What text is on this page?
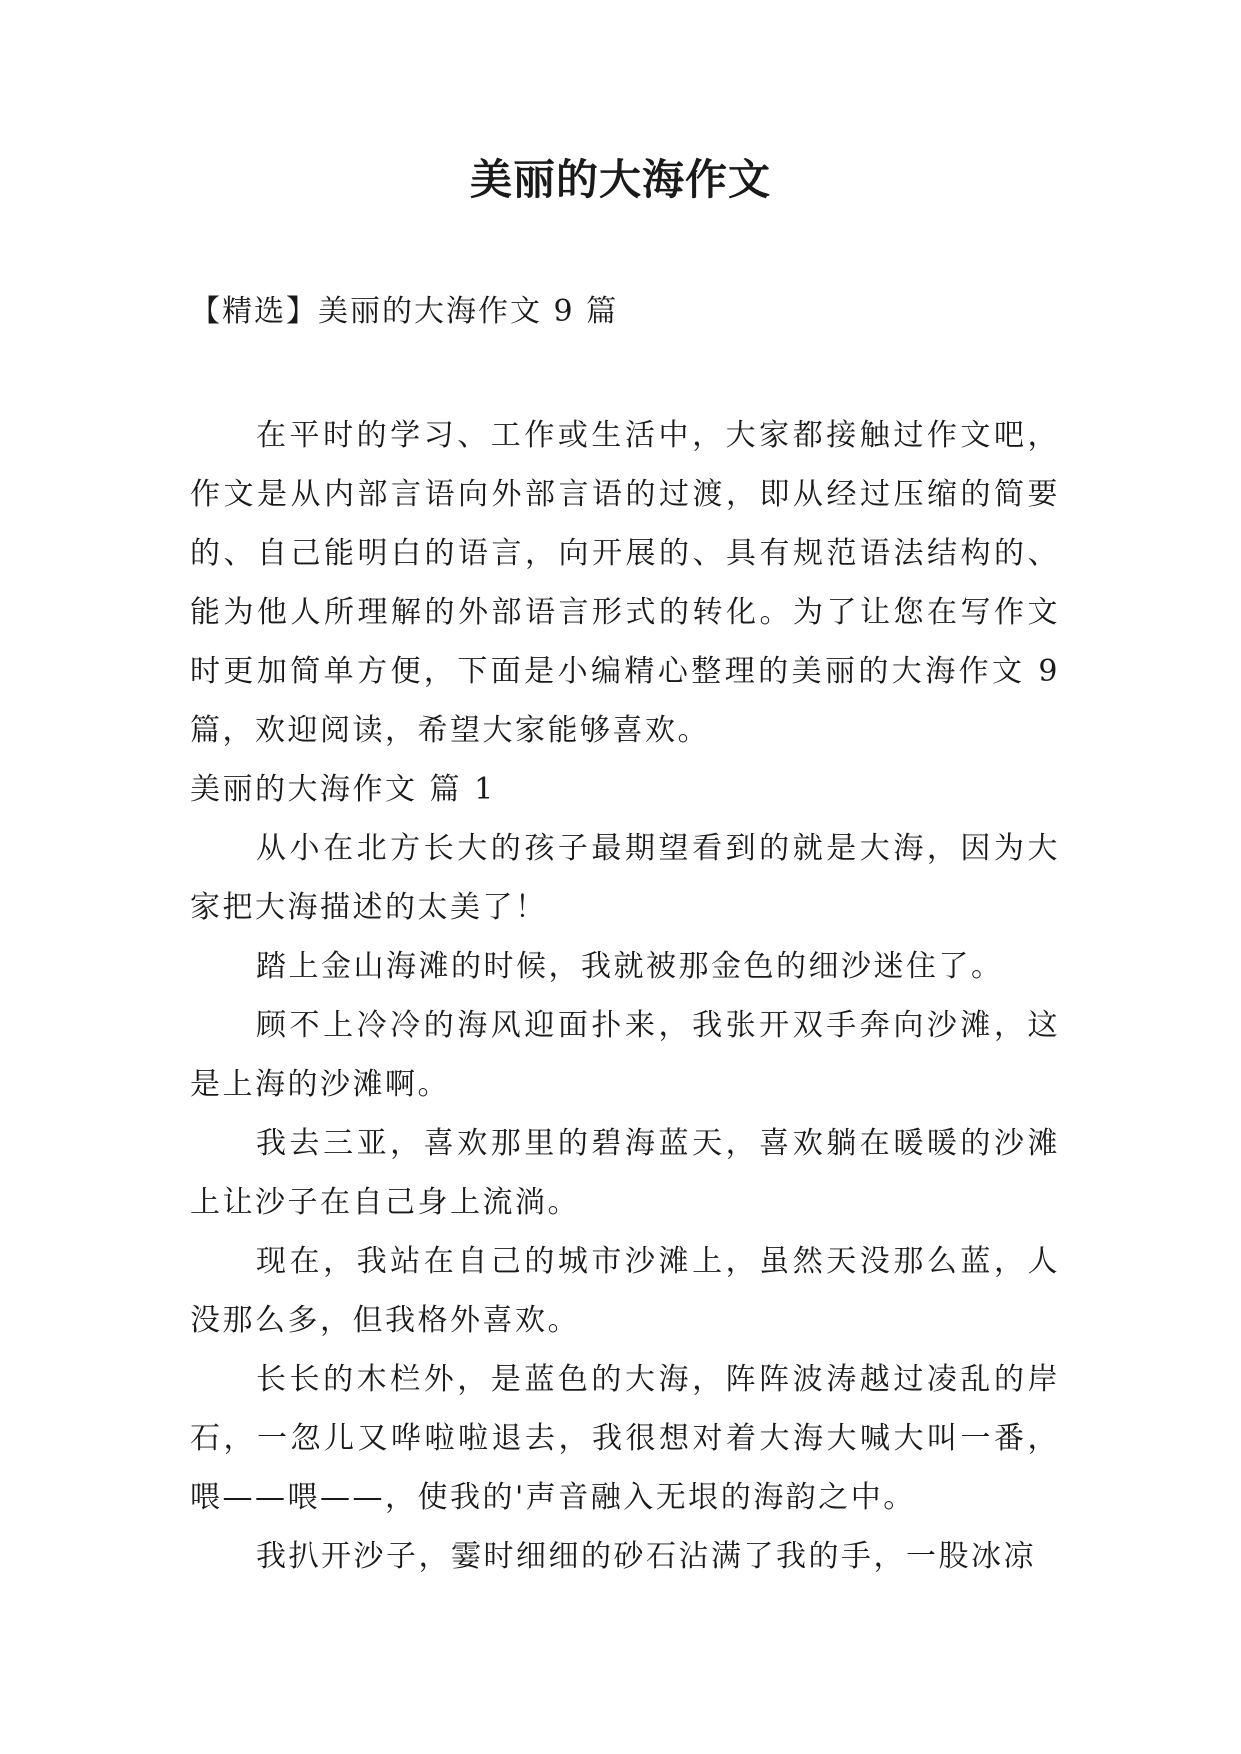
美丽的大海作文
【精选】美丽的大海作文 9 篇

在平时的学习、工作或生活中，大家都接触过作文吧，作文是从内部言语向外部言语的过渡，即从经过压缩的简要的、自己能明白的语言，向开展的、具有规范语法结构的、能为他人所理解的外部语言形式的转化。为了让您在写作文时更加简单方便，下面是小编精心整理的美丽的大海作文 9 篇，欢迎阅读，希望大家能够喜欢。

美丽的大海作文 篇 1

从小在北方长大的孩子最期望看到的就是大海，因为大家把大海描述的太美了！

踏上金山海滩的时候，我就被那金色的细沙迷住了。

顾不上冷冷的海风迎面扑来，我张开双手奔向沙滩，这是上海的沙滩啊。

我去三亚，喜欢那里的碧海蓝天，喜欢躺在暖暖的沙滩上让沙子在自己身上流淌。

现在，我站在自己的城市沙滩上，虽然天没那么蓝，人没那么多，但我格外喜欢。

长长的木栏外，是蓝色的大海，阵阵波涛越过凌乱的岸石，一忽儿又哗啦啦退去，我很想对着大海大喊大叫一番，喂——喂——，使我的'声音融入无垠的海韵之中。

我扒开沙子，霎时细细的砂石沾满了我的手，一股冰凉
